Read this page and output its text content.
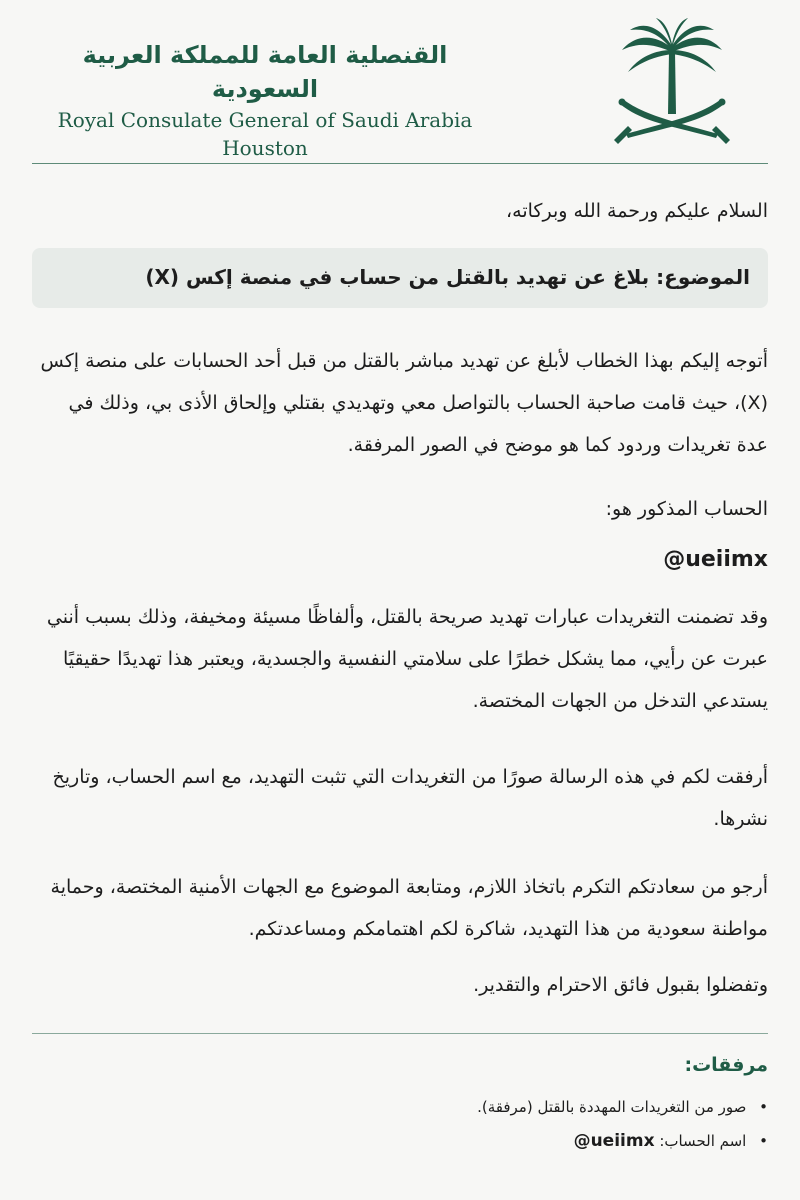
القنصلية العامة للمملكة العربية السعودية
Royal Consulate General of Saudi Arabia
Houston
السلام عليكم ورحمة الله وبركاته،
الموضوع: بلاغ عن تهديد بالقتل من حساب في منصة إكس (X)
أتوجه إليكم بهذا الخطاب لأبلغ عن تهديد مباشر بالقتل من قبل أحد الحسابات على منصة إكس (X)، حيث قامت صاحبة الحساب بالتواصل معي وتهديدي بقتلي وإلحاق الأذى بي، وذلك في عدة تغريدات وردود كما هو موضح في الصور المرفقة.
الحساب المذكور هو:
@ueiimx
وقد تضمنت التغريدات عبارات تهديد صريحة بالقتل، وألفاظًا مسيئة ومخيفة، وذلك بسبب أنني عبرت عن رأيي، مما يشكل خطرًا على سلامتي النفسية والجسدية، ويعتبر هذا تهديدًا حقيقيًا يستدعي التدخل من الجهات المختصة.
أرفقت لكم في هذه الرسالة صورًا من التغريدات التي تثبت التهديد، مع اسم الحساب، وتاريخ نشرها.
أرجو من سعادتكم التكرم باتخاذ اللازم، ومتابعة الموضوع مع الجهات الأمنية المختصة، وحماية مواطنة سعودية من هذا التهديد، شاكرة لكم اهتمامكم ومساعدتكم.
وتفضلوا بقبول فائق الاحترام والتقدير.
مرفقات:
• صور من التغريدات المهددة بالقتل (مرفقة).
• اسم الحساب: @ueiimx
